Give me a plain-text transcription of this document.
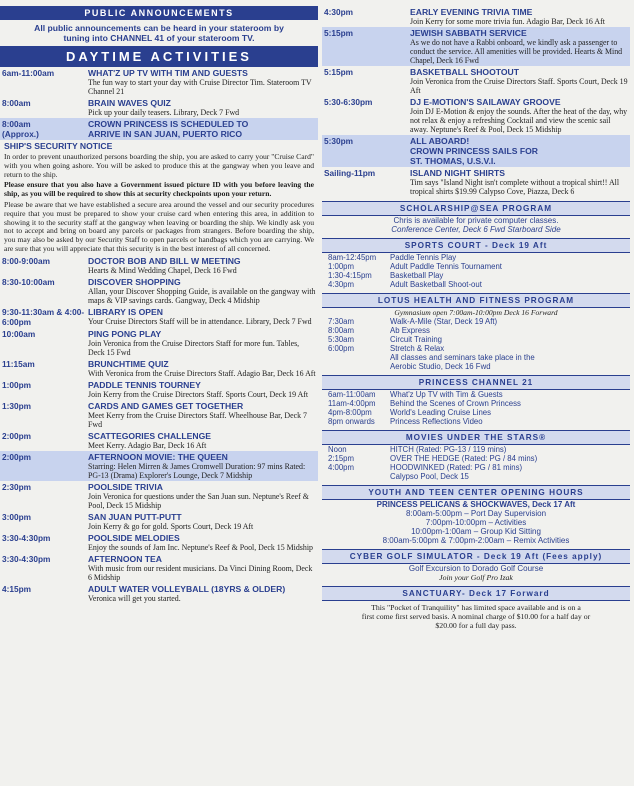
PUBLIC ANNOUNCEMENTS
All public announcements can be heard in your stateroom by
tuning into CHANNEL 41 of your stateroom TV.
DAYTIME ACTIVITIES
6am-11:00am	WHAT'Z UP TV WITH TIM AND GUESTS
The fun way to start your day with Cruise Director Tim. Stateroom TV Channel 21
8:00am	BRAIN WAVES QUIZ
Pick up your daily teasers. Library, Deck 7 Fwd
8:00am
(Approx.)
CROWN PRINCESS IS SCHEDULED TO
ARRIVE IN SAN JUAN, PUERTO RICO
SHIP'S SECURITY NOTICE
In order to prevent unauthorized persons boarding the ship, you are asked to carry your "Cruise Card" with you when going ashore. You will be asked to produce this at the gangway when you leave and return to the ship.
Please ensure that you also have a Government issued picture ID with you before leaving the ship, as you will be required to show this at security checkpoints upon your return.
Please be aware that we have established a secure area around the vessel and our security procedures require that you must be prepared to show your cruise card when entering this area, in addition to showing it to the security staff at the gangway when leaving or boarding the ship. We kindly ask you not to accept and bring on board any parcels or packages from strangers. Before boarding the ship, you may also be asked by our Security Staff to open parcels or handbags which you are carrying. We are sure that you will appreciate that this security is in the best interest of all concerned.
8:00-9:00am	DOCTOR BOB AND BILL W MEETING
Hearts & Mind Wedding Chapel, Deck 16 Fwd
8:30-10:00am	DISCOVER SHOPPING
Allan, your Discover Shopping Guide, is available on the gangway with maps & VIP savings cards. Gangway, Deck 4 Midship
9:30-11:30am & 4:00-6:00pm
LIBRARY IS OPEN
Your Cruise Directors Staff will be in attendance. Library, Deck 7 Fwd
10:00am	PING PONG PLAY
Join Veronica from the Cruise Directors Staff for more fun. Tables, Deck 15 Fwd
11:15am	BRUNCHTIME QUIZ
With Veronica from the Cruise Directors Staff. Adagio Bar, Deck 16 Aft
1:00pm	PADDLE TENNIS TOURNEY
Join Kerry from the Cruise Directors Staff. Sports Court, Deck 19 Aft
1:30pm	CARDS AND GAMES GET TOGETHER
Meet Kerry from the Cruise Directors Staff. Wheelhouse Bar, Deck 7 Fwd
2:00pm	SCATTEGORIES CHALLENGE
Meet Kerry. Adagio Bar, Deck 16 Aft
2:00pm	AFTERNOON MOVIE: THE QUEEN
Starring: Helen Mirren & James Cromwell Duration: 97 mins Rated: PG-13 (Drama) Explorer's Lounge, Deck 7 Midship
2:30pm	POOLSIDE TRIVIA
Join Veronica for questions under the San Juan sun. Neptune's Reef & Pool, Deck 15 Midship
3:00pm	SAN JUAN PUTT-PUTT
Join Kerry & go for gold. Sports Court, Deck 19 Aft
3:30-4:30pm	POOLSIDE MELODIES
Enjoy the sounds of Jam Inc. Neptune's Reef & Pool, Deck 15 Midship
3:30-4:30pm	AFTERNOON TEA
With music from our resident musicians. Da Vinci Dining Room, Deck 6 Midship
4:15pm	ADULT WATER VOLLEYBALL (18YRS & OLDER)
Veronica will get you started.
4:30pm	EARLY EVENING TRIVIA TIME
Join Kerry for some more trivia fun. Adagio Bar, Deck 16 Aft
5:15pm	JEWISH SABBATH SERVICE
As we do not have a Rabbi onboard, we kindly ask a passenger to conduct the service. All amenities will be provided. Hearts & Mind Chapel, Deck 16 Fwd
5:15pm	BASKETBALL SHOOTOUT
Join Veronica from the Cruise Directors Staff. Sports Court, Deck 19 Aft
5:30-6:30pm	DJ E-MOTION'S SAILAWAY GROOVE
Join DJ E-Motion & enjoy the sounds. After the heat of the day, why not relax & enjoy a refreshing Cocktail and view the scenic sail away. Neptune's Reef & Pool, Deck 15 Midship
5:30pm	ALL ABOARD!
CROWN PRINCESS SAILS FOR
ST. THOMAS, U.S.V.I.
Sailing-11pm	ISLAND NIGHT SHIRTS
Tim says "Island Night isn't complete without a tropical shirt!! All tropical shirts $19.99 Calypso Cove, Piazza, Deck 6
SCHOLARSHIP@SEA PROGRAM
Chris is available for private computer classes.
Conference Center, Deck 6 Fwd Starboard Side
SPORTS COURT - Deck 19 Aft
8am-12:45pm	Paddle Tennis Play
1:00pm	Adult Paddle Tennis Tournament
1:30-4:15pm	Basketball Play
4:30pm	Adult Basketball Shoot-out
LOTUS HEALTH AND FITNESS PROGRAM
Gymnasium open 7:00am-10:00pm Deck 16 Forward
7:30am	Walk-A-Mile (Star, Deck 19 Aft)
8:00am	Ab Express
5:30am	Circuit Training
6:00pm	Stretch & Relax
All classes and seminars take place in the
Aerobic Studio, Deck 16 Fwd
PRINCESS CHANNEL 21
6am-11:00am	What'z Up TV with Tim & Guests
11am-4:00pm	Behind the Scenes of Crown Princess
4pm-8:00pm	World's Leading Cruise Lines
8pm onwards	Princess Reflections Video
MOVIES UNDER THE STARS®
Noon	HITCH (Rated: PG-13 / 119 mins)
2:15pm	OVER THE HEDGE (Rated: PG / 84 mins)
4:00pm	HOODWINKED (Rated: PG / 81 mins)
Calypso Pool, Deck 15
YOUTH AND TEEN CENTER OPENING HOURS
PRINCESS PELICANS & SHOCKWAVES, Deck 17 Aft
8:00am-5:00pm – Port Day Supervision
7:00pm-10:00pm – Activities
10:00pm-1:00am – Group Kid Sitting
8:00am-5:00pm & 7:00pm-2:00am – Remix Activities
CYBER GOLF SIMULATOR - Deck 19 Aft (Fees apply)
Golf Excursion to Dorado Golf Course
Join your Golf Pro Izak
SANCTUARY- Deck 17 Forward
This "Pocket of Tranquility" has limited space available and is on a
first come first served basis. A nominal charge of $10.00 for a half day or
$20.00 for a full day pass.
